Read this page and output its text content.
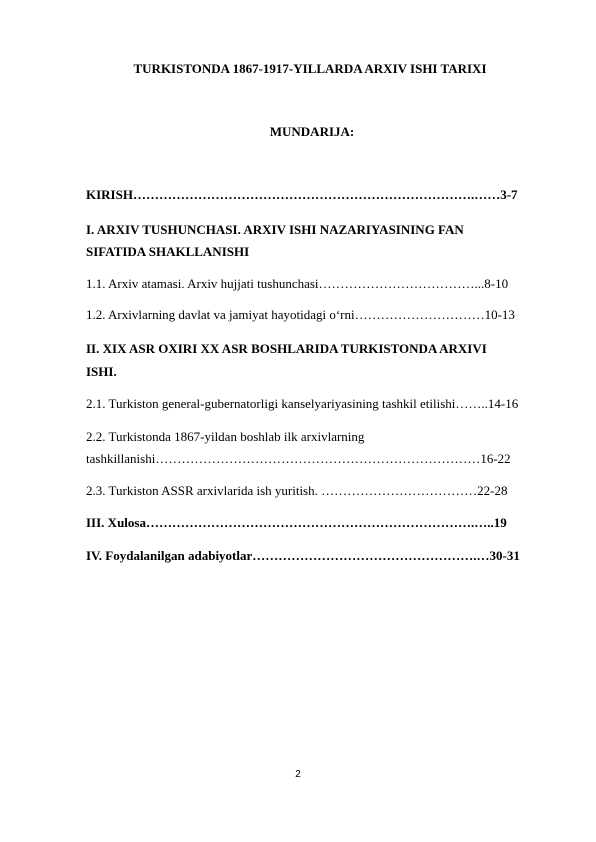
TURKISTONDA 1867-1917-YILLARDA ARXIV ISHI TARIXI
MUNDARIJA:
KIRISH…………………………………………………………………….……3-7
I. ARXIV TUSHUNCHASI. ARXIV ISHI NAZARIYASINING FAN
SIFATIDA SHAKLLANISHI
1.1. Arxiv atamasi. Arxiv hujjati tushunchasi………………………………...8-10
1.2. Arxivlarning davlat va jamiyat hayotidagi o‘rni…………………………10-13
II. XIX ASR OXIRI XX ASR BOSHLARIDA TURKISTONDA ARXIVI
ISHI.
2.1. Turkiston general-gubernatorligi kanselyariyasining tashkil etilishi……..14-16
2.2. Turkistonda 1867-yildan boshlab ilk arxivlarning
tashkillanishi…………………………………………………………………16-22
2.3. Turkiston ASSR arxivlarida ish yuritish. ………………………………22-28
III. Xulosa………………………………………………………………….…..19
IV. Foydalanilgan adabiyotlar…………………………………………….…30-31
2
